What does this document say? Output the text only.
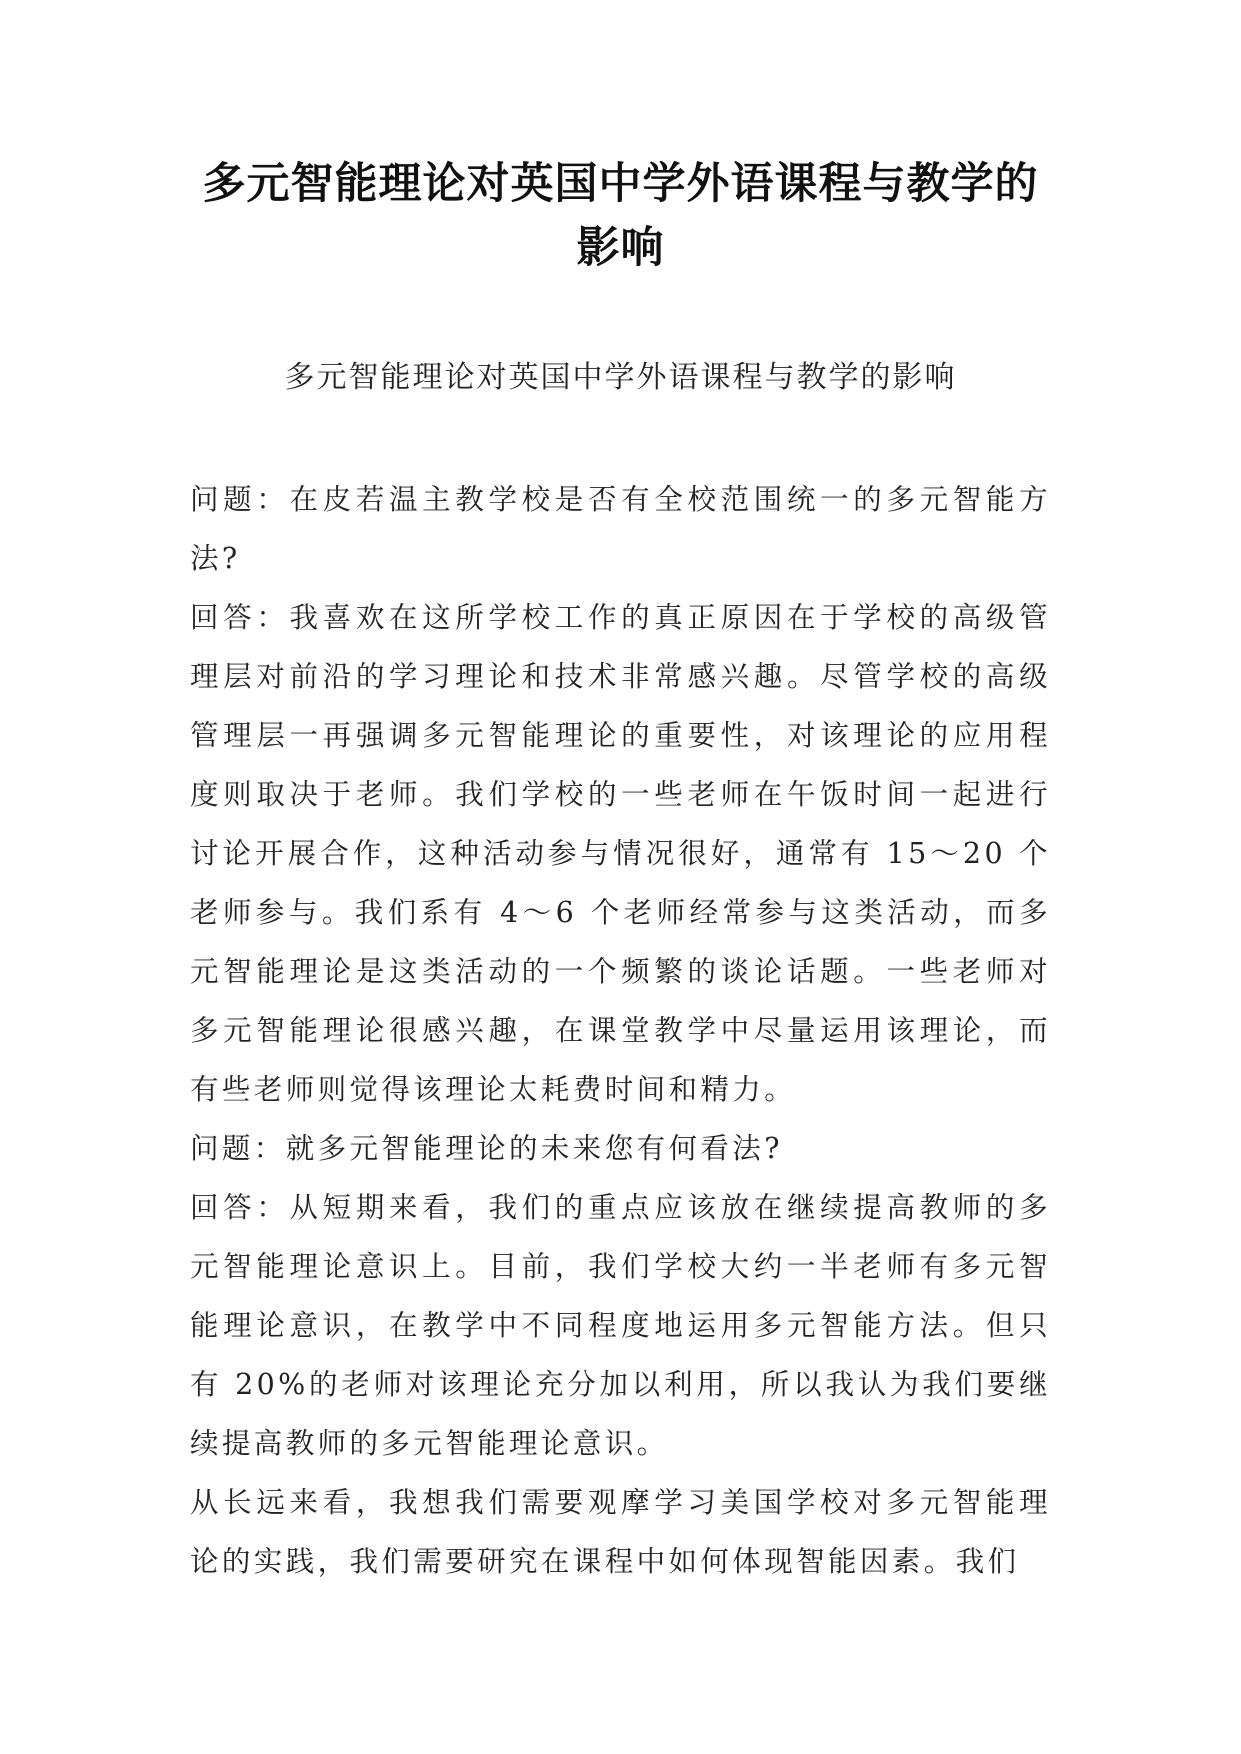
多元智能理论对英国中学外语课程与教学的影响

多元智能理论对英国中学外语课程与教学的影响

问题：在皮若温主教学校是否有全校范围统一的多元智能方法?

回答：我喜欢在这所学校工作的真正原因在于学校的高级管理层对前沿的学习理论和技术非常感兴趣。尽管学校的高级管理层一再强调多元智能理论的重要性，对该理论的应用程度则取决于老师。我们学校的一些老师在午饭时间一起进行讨论开展合作，这种活动参与情况很好，通常有 15～20 个老师参与。我们系有 4～6 个老师经常参与这类活动，而多元智能理论是这类活动的一个频繁的谈论话题。一些老师对多元智能理论很感兴趣，在课堂教学中尽量运用该理论，而有些老师则觉得该理论太耗费时间和精力。

问题：就多元智能理论的未来您有何看法?

回答：从短期来看，我们的重点应该放在继续提高教师的多元智能理论意识上。目前，我们学校大约一半老师有多元智能理论意识，在教学中不同程度地运用多元智能方法。但只有 20%的老师对该理论充分加以利用，所以我认为我们要继续提高教师的多元智能理论意识。

从长远来看，我想我们需要观摩学习美国学校对多元智能理论的实践，我们需要研究在课程中如何体现智能因素。我们
